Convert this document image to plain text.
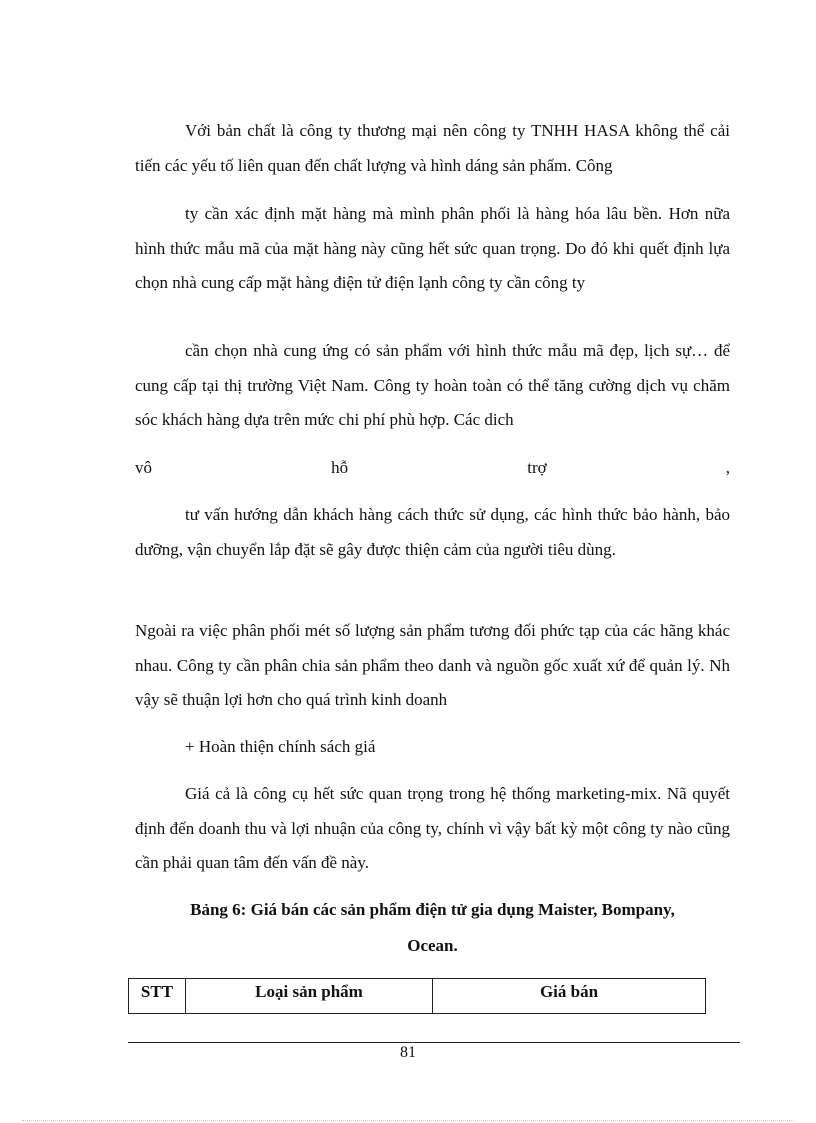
Với bản chất là công ty thương mại nên công ty TNHH HASA không thể cải tiến các yếu tố liên quan đến chất lượng và hình dáng sản phẩm. Công

ty cần xác định mặt hàng mà mình phân phối là hàng hóa lâu bền. Hơn nữa hình thức mẫu mã của mặt hàng này cũng hết sức quan trọng. Do đó khi quết định lựa chọn nhà cung cấp mặt hàng điện tử điện lạnh công ty cần công ty

cần chọn nhà cung ứng có sản phẩm với hình thức mẫu mã đẹp, lịch sự… để cung cấp tại thị trường Việt Nam. Công ty hoàn toàn có thể tăng cường dịch vụ chăm sóc khách hàng dựa trên mức chi phí phù hợp. Các dich

vô	hỗ	trợ	,

tư vấn hướng dẫn khách hàng cách thức sử dụng, các hình thức bảo hành, bảo dưỡng, vận chuyển lắp đặt sẽ gây được thiện cảm của người tiêu dùng.

Ngoài ra việc phân phối mét số lượng sản phẩm tương đối phức tạp của các hãng khác nhau. Công ty cần phân chia sản phẩm theo danh và nguồn gốc xuất xứ để quản lý. Nh vậy sẽ thuận lợi hơn cho quá trình kinh doanh

+ Hoàn thiện chính sách giá

Giá cả là công cụ hết sức quan trọng trong hệ thống marketing-mix. Nã quyết định đến doanh thu và lợi nhuận của công ty, chính vì vậy bất kỳ một công ty nào cũng cần phải quan tâm đến vấn đề này.

Bảng 6: Giá bán các sản phẩm điện tử gia dụng Maister, Bompany,

Ocean.

STT	Loại sản phẩm	Giá bán
81
